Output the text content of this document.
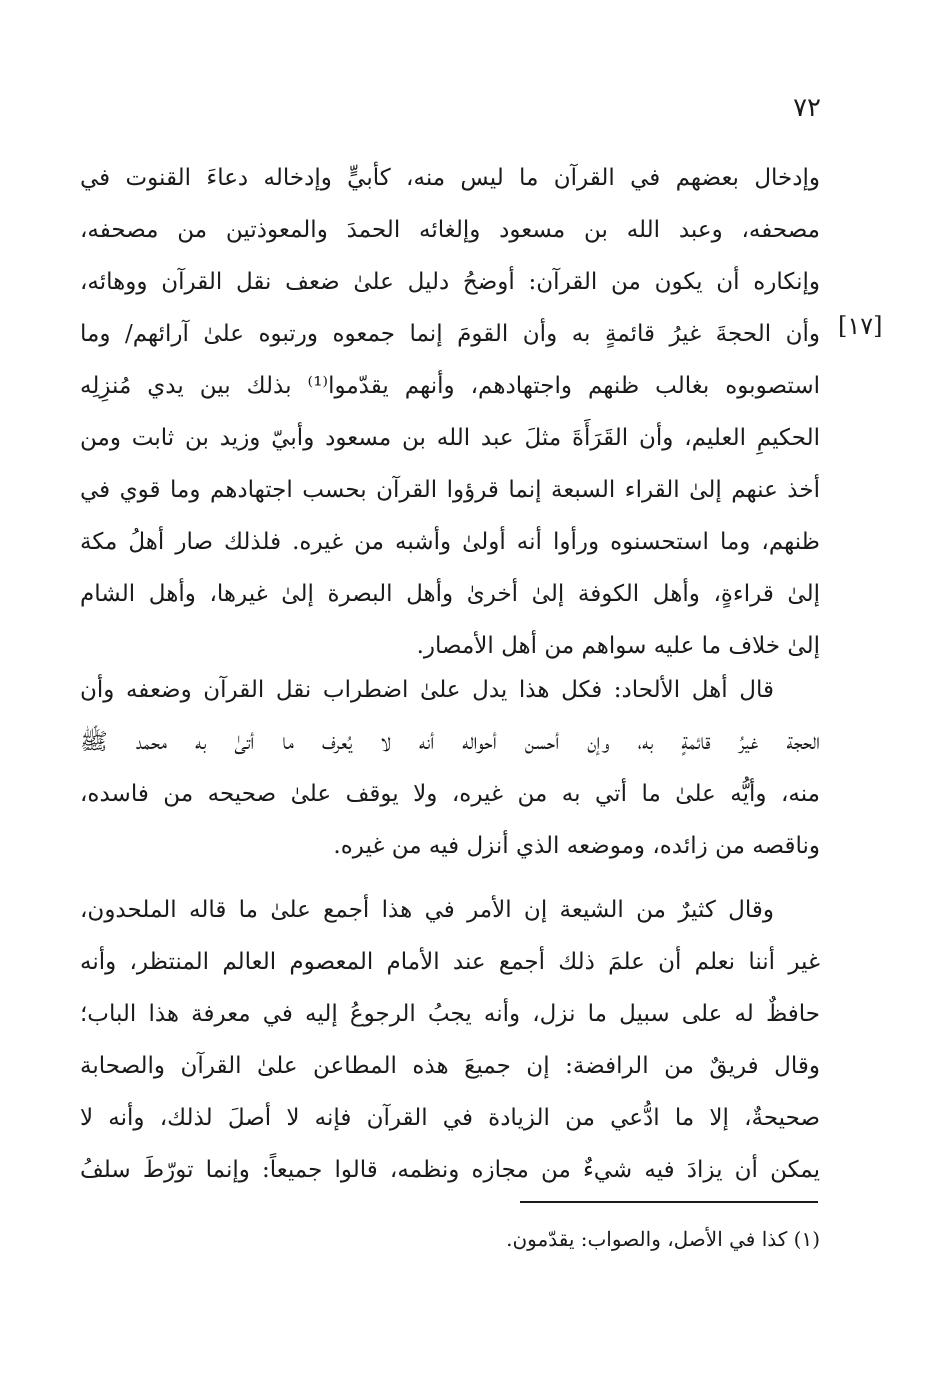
٧٢
[١٧]
وإدخال بعضهم في القرآن ما ليس منه، كأبيٍّ وإدخاله دعاءَ القنوت في
مصحفه، وعبد الله بن مسعود وإلغائه الحمدَ والمعوذتين من مصحفه،
وإنكاره أن يكون من القرآن: أوضحُ دليل علىٰ ضعف نقل القرآن ووهائه،
وأن الحجةَ غيرُ قائمةٍ به وأن القومَ إنما جمعوه ورتبوه علىٰ آرائهم/ وما
استصوبوه بغالب ظنهم واجتهادهم، وأنهم يقدّموا⁽¹⁾ بذلك بين يدي مُنزِلِه
الحكيمِ العليم، وأن القَرَأَةَ مثلَ عبد الله بن مسعود وأبيّ وزيد بن ثابت ومن
أخذ عنهم إلىٰ القراء السبعة إنما قرؤوا القرآن بحسب اجتهادهم وما قوي في
ظنهم، وما استحسنوه ورأوا أنه أولىٰ وأشبه من غيره. فلذلك صار أهلُ مكة
إلىٰ قراءةٍ، وأهل الكوفة إلىٰ أخرىٰ وأهل البصرة إلىٰ غيرها، وأهل الشام
إلىٰ خلاف ما عليه سواهم من أهل الأمصار.
قال أهل الألحاد: فكل هذا يدل علىٰ اضطراب نقل القرآن وضعفه وأن
الحجة غيرُ قائمةٍ به، وإن أحسن أحواله أنه لا يُعرف ما أتىٰ به محمد ﷺ
منه، وأيُّه علىٰ ما أتي به من غيره، ولا يوقف علىٰ صحيحه من فاسده،
وناقصه من زائده، وموضعه الذي أنزل فيه من غيره.
وقال كثيرٌ من الشيعة إن الأمر في هذا أجمع علىٰ ما قاله الملحدون،
غير أننا نعلم أن علمَ ذلك أجمع عند الأمام المعصوم العالم المنتظر، وأنه
حافظٌ له على سبيل ما نزل، وأنه يجبُ الرجوعُ إليه في معرفة هذا الباب؛
وقال فريقٌ من الرافضة: إن جميعَ هذه المطاعن علىٰ القرآن والصحابة
صحيحةٌ، إلا ما ادُّعي من الزيادة في القرآن فإنه لا أصلَ لذلك، وأنه لا
يمكن أن يزادَ فيه شيءٌ من مجازه ونظمه، قالوا جميعاً: وإنما تورّطَ سلفُ
(١) كذا في الأصل، والصواب: يقدّمون.
